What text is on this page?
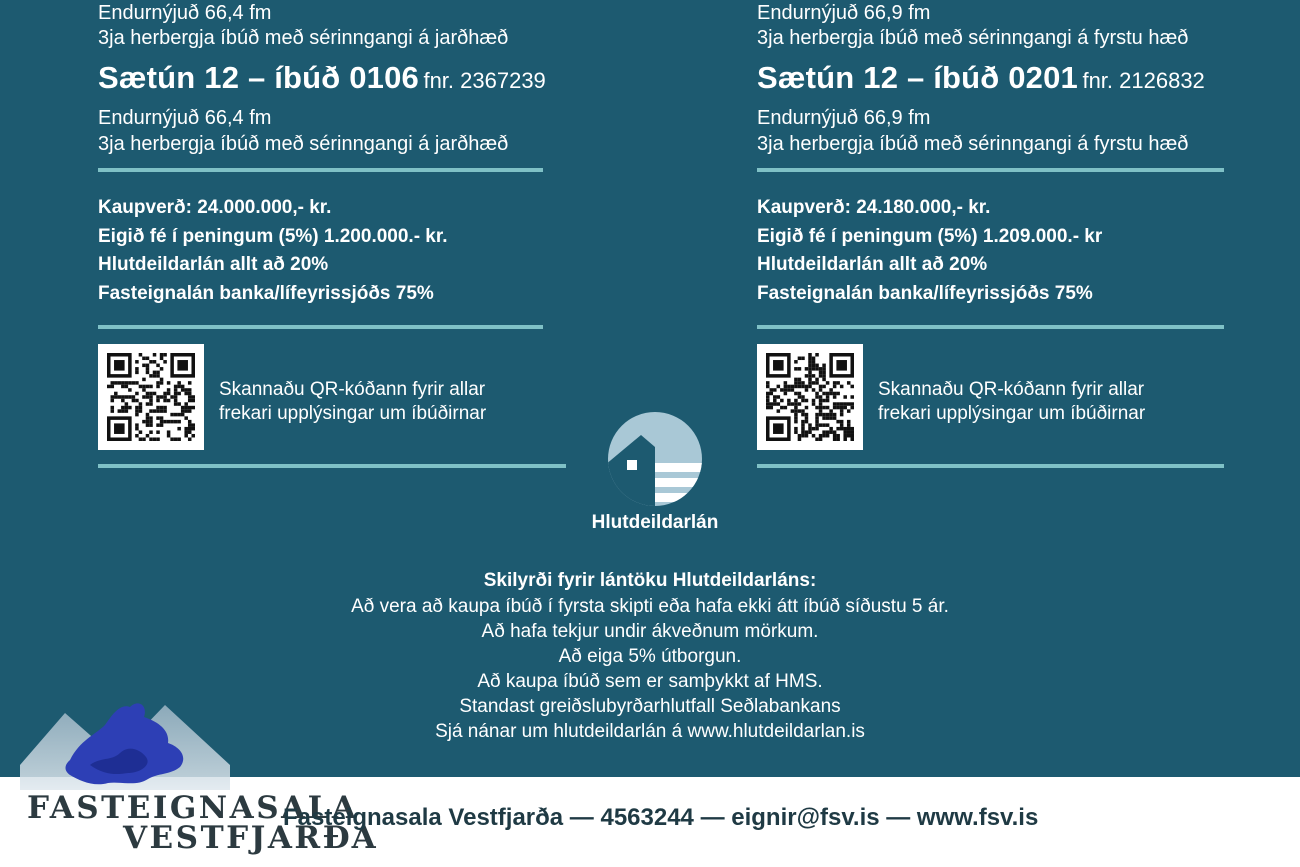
Endurnýjuð 66,4 fm
3ja herbergja íbúð með sérinngangi á jarðhæð
Sætún 12 – íbúð 0106 fnr. 2367239
Endurnýjuð 66,4 fm
3ja herbergja íbúð með sérinngangi á jarðhæð
Kaupverð: 24.000.000,- kr.
Eigið fé í peningum (5%) 1.200.000.- kr.
Hlutdeildarlán allt að 20%
Fasteignalán banka/lífeyrissjóðs 75%
Skannaðu QR-kóðann fyrir allar
frekari upplýsingar um íbúðirnar
Endurnýjuð 66,9 fm
3ja herbergja íbúð með sérinngangi á fyrstu hæð
Sætún 12 – íbúð 0201 fnr. 2126832
Endurnýjuð 66,9 fm
3ja herbergja íbúð með sérinngangi á fyrstu hæð
Kaupverð: 24.180.000,- kr.
Eigið fé í peningum (5%) 1.209.000.- kr
Hlutdeildarlán allt að 20%
Fasteignalán banka/lífeyrissjóðs 75%
Skannaðu QR-kóðann fyrir allar
frekari upplýsingar um íbúðirnar
Hlutdeildarlán
Skilyrði fyrir lántöku Hlutdeildarláns:
Að vera að kaupa íbúð í fyrsta skipti eða hafa ekki átt íbúð síðustu 5 ár.
Að hafa tekjur undir ákveðnum mörkum.
Að eiga 5% útborgun.
Að kaupa íbúð sem er samþykkt af HMS.
Standast greiðslubyrðarhlutfall Seðlabankans
Sjá nánar um hlutdeildarlán á www.hlutdeildarlan.is
FASTEIGNASALA
VESTFJARÐA
Fasteignasala Vestfjarða — 4563244 — eignir@fsv.is — www.fsv.is
